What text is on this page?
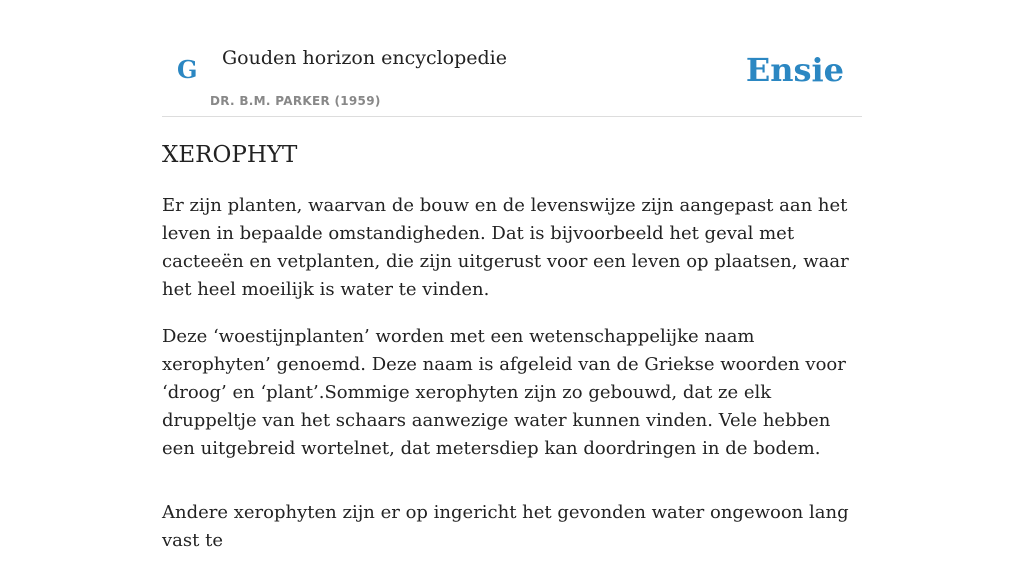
G Gouden horizon encyclopedie
DR. B.M. PARKER (1959)
Ensie
XEROPHYT

Er zijn planten, waarvan de bouw en de levenswijze zijn aangepast aan het leven in bepaalde omstandigheden. Dat is bijvoorbeeld het geval met cacteeën en vetplanten, die zijn uitgerust voor een leven op plaatsen, waar het heel moeilijk is water te vinden.

Deze ‘woestijnplanten’ worden met een wetenschappelijke naam xerophyten’ genoemd. Deze naam is afgeleid van de Griekse woorden voor ‘droog’ en ‘plant’.Sommige xerophyten zijn zo gebouwd, dat ze elk druppeltje van het schaars aanwezige water kunnen vinden. Vele hebben een uitgebreid wortelnet, dat metersdiep kan doordringen in de bodem.

Andere xerophyten zijn er op ingericht het gevonden water ongewoon lang vast te
